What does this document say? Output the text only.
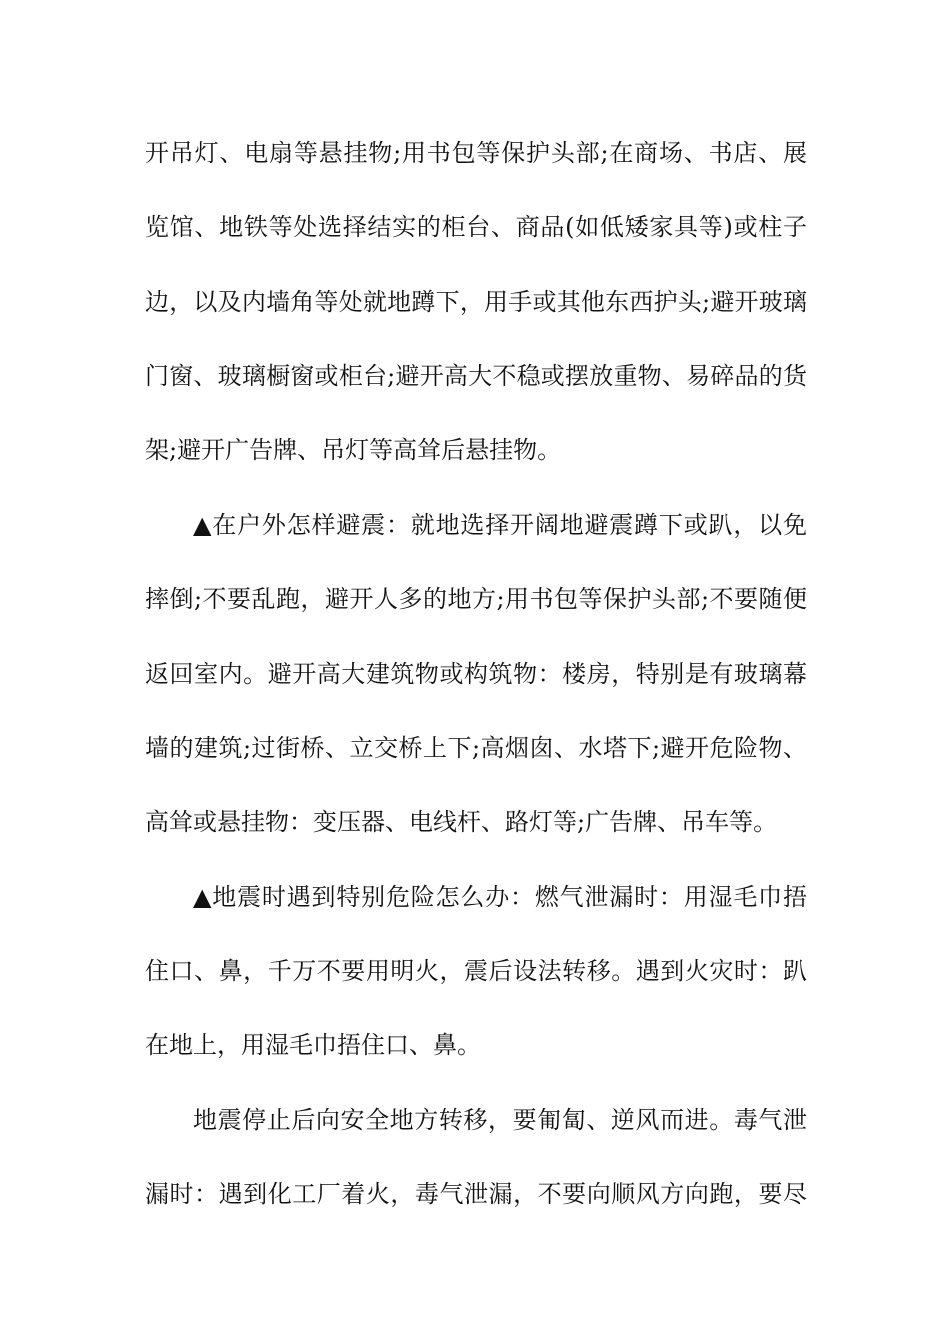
开吊灯、电扇等悬挂物;用书包等保护头部;在商场、书店、展
览馆、地铁等处选择结实的柜台、商品(如低矮家具等)或柱子
边，以及内墙角等处就地蹲下，用手或其他东西护头;避开玻璃
门窗、玻璃橱窗或柜台;避开高大不稳或摆放重物、易碎品的货
架;避开广告牌、吊灯等高耸后悬挂物。
▲在户外怎样避震：就地选择开阔地避震蹲下或趴，以免
摔倒;不要乱跑，避开人多的地方;用书包等保护头部;不要随便
返回室内。避开高大建筑物或构筑物：楼房，特别是有玻璃幕
墙的建筑;过街桥、立交桥上下;高烟囱、水塔下;避开危险物、
高耸或悬挂物：变压器、电线杆、路灯等;广告牌、吊车等。
▲地震时遇到特别危险怎么办：燃气泄漏时：用湿毛巾捂
住口、鼻，千万不要用明火，震后设法转移。遇到火灾时：趴
在地上，用湿毛巾捂住口、鼻。
地震停止后向安全地方转移，要匍匐、逆风而进。毒气泄
漏时：遇到化工厂着火，毒气泄漏，不要向顺风方向跑，要尽
